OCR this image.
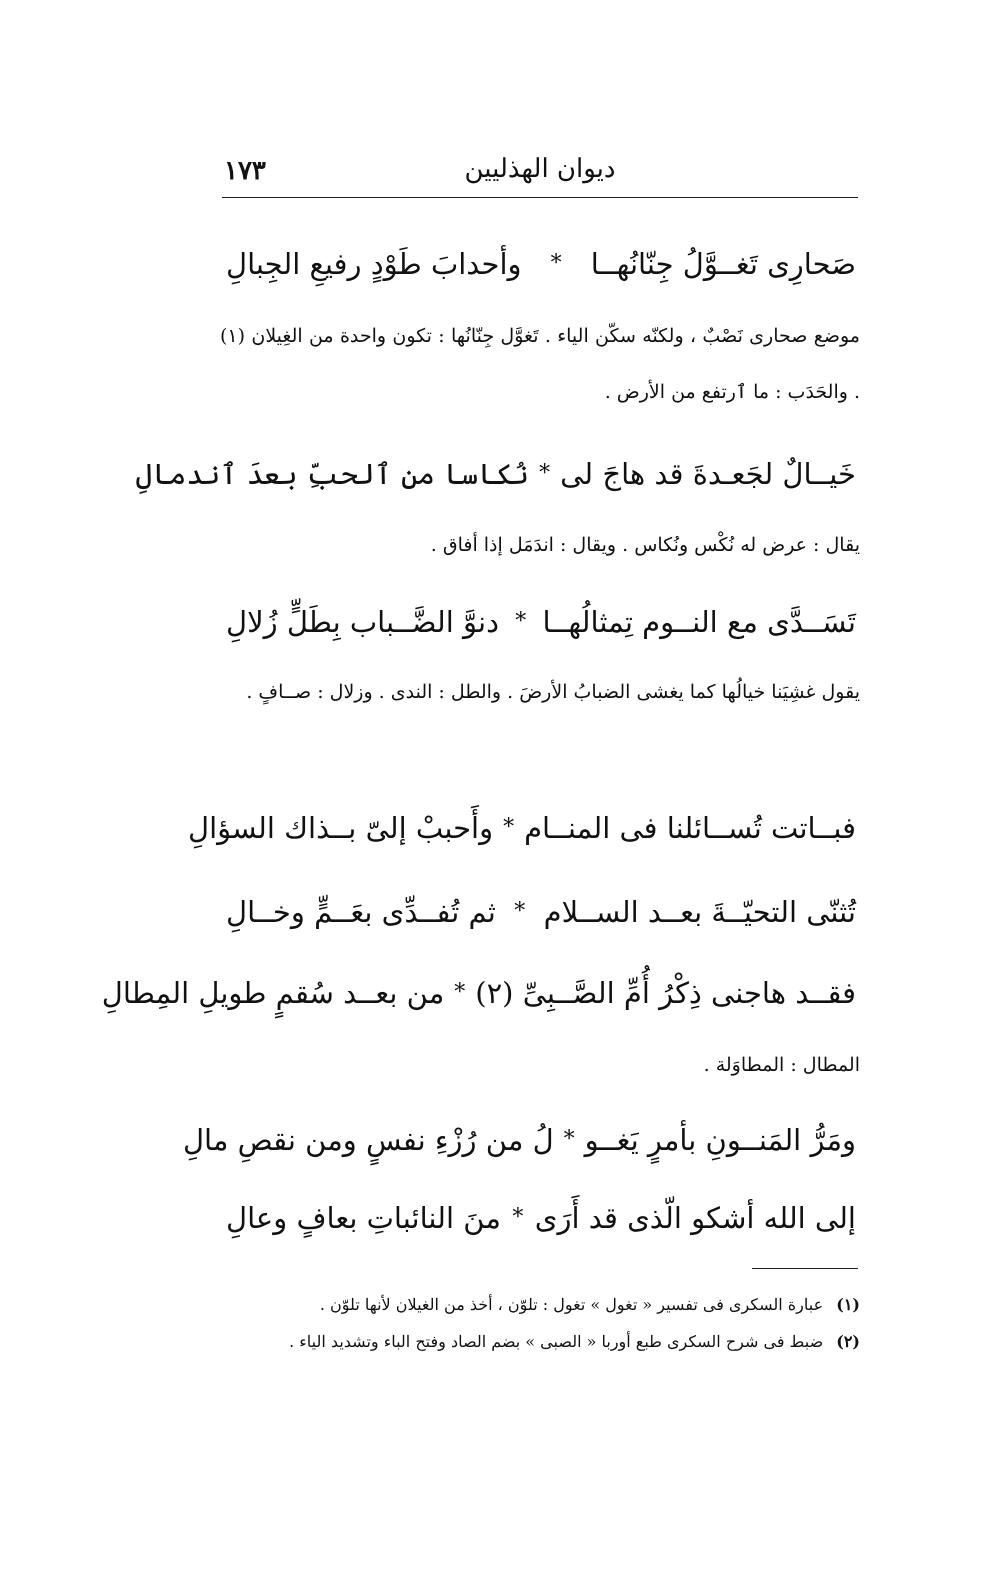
١٧٣	ديوان الهذليين
صَحارِى تَغــوَّلُ جِنّانُهــا
*
وأحدابَ طَوْدٍ رفيعِ الجِبالِ
موضع صحارى نَصْبٌ ، ولكنّه سكّن الياء . تَغوَّل جِنّانُها : تكون واحدة من الغِيلان (١) . والحَدَب : ما ٱرتفع من الأرض .
خَيــالٌ لجَعـدةَ قد هاجَ لى
*
نُكاسا من ٱلحبِّ بعدَ ٱندمالِ
يقال : عرض له نُكْس ونُكاس . ويقال : اندَمَل إذا أفاق .
تَسَــدَّى مع النــوم تِمثالُهــا
*
دنوَّ الضَّــباب بِطَلٍّ زُلالِ
يقول غشِيَنا خيالُها كما يغشى الضبابُ الأرضَ . والطل : الندى . وزلال : صــافٍ .
فبــاتت تُســائلنا فى المنــام
*
وأَحببْ إلىّ بــذاك السؤالِ
تُثنّى التحيّــةَ بعــد الســلام
*
ثم تُفــدِّى بعَــمٍّ وخــالِ
فقــد هاجنى ذِكْرُ أُمِّ الصَّــبِىِّ (٢)
*
من بعــد سُقمٍ طويلِ المِطالِ
المطال : المطاوَلة .
ومَرُّ المَنــونِ بأمرٍ يَغــو
*
لُ من رُزْءِ نفسٍ ومن نقصِ مالِ
إلى الله أشكو الّذى قد أَرَى
*
منَ النائباتِ بعافٍ وعالِ
(١) عبارة السكرى فى تفسير « تغول » تغول : تلوّن ، أخذ من الغيلان لأنها تلوّن .
(٢) ضبط فى شرح السكرى طبع أوربا « الصبى » بضم الصاد وفتح الباء وتشديد الياء .
